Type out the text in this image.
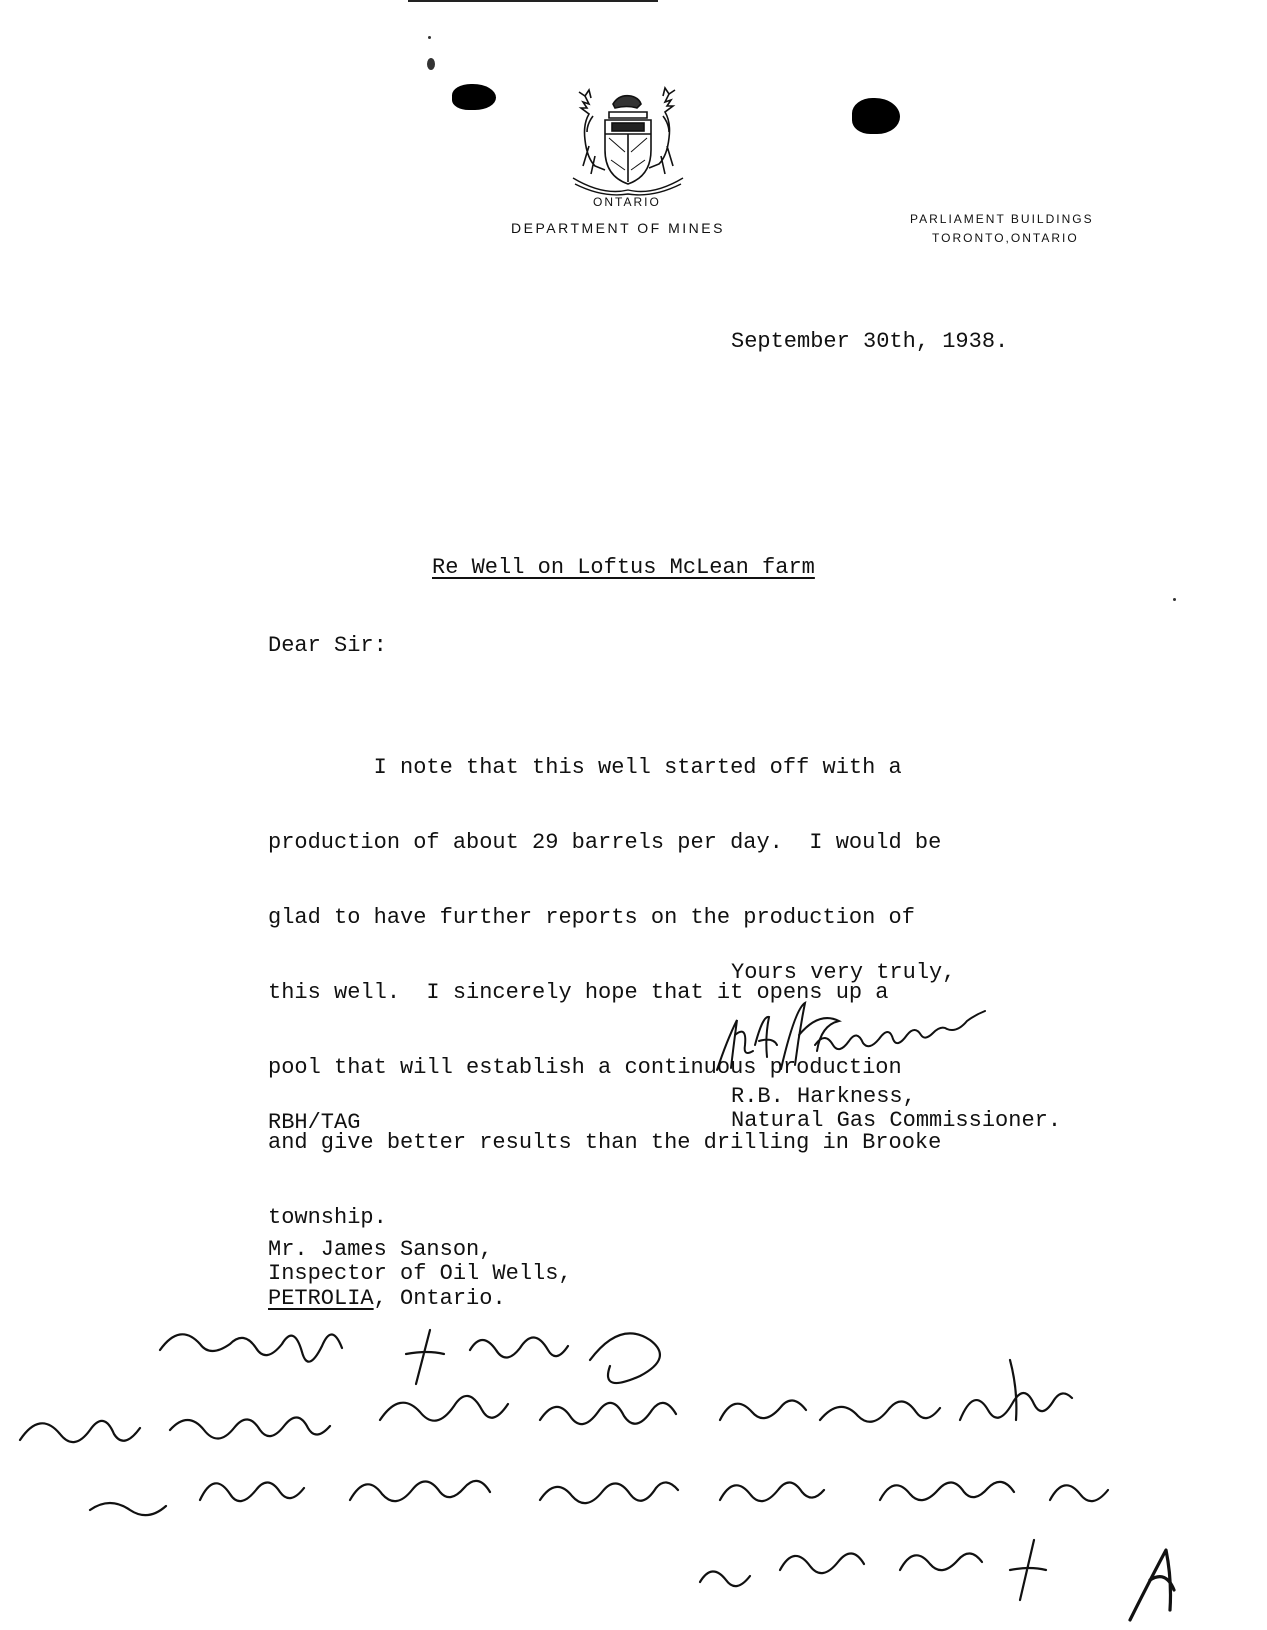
ONTARIO
DEPARTMENT OF MINES
PARLIAMENT BUILDINGS
TORONTO,ONTARIO
September 30th, 1938.
Re Well on Loftus McLean farm
Dear Sir:

I note that this well started off with a

production of about 29 barrels per day.  I would be

glad to have further reports on the production of

this well.  I sincerely hope that it opens up a

pool that will establish a continuous production

and give better results than the drilling in Brooke

township.

Yours very truly,
R.B. Harkness,
Natural Gas Commissioner.
RBH/TAG
Mr. James Sanson,
Inspector of Oil Wells,
PETROLIA, Ontario.
